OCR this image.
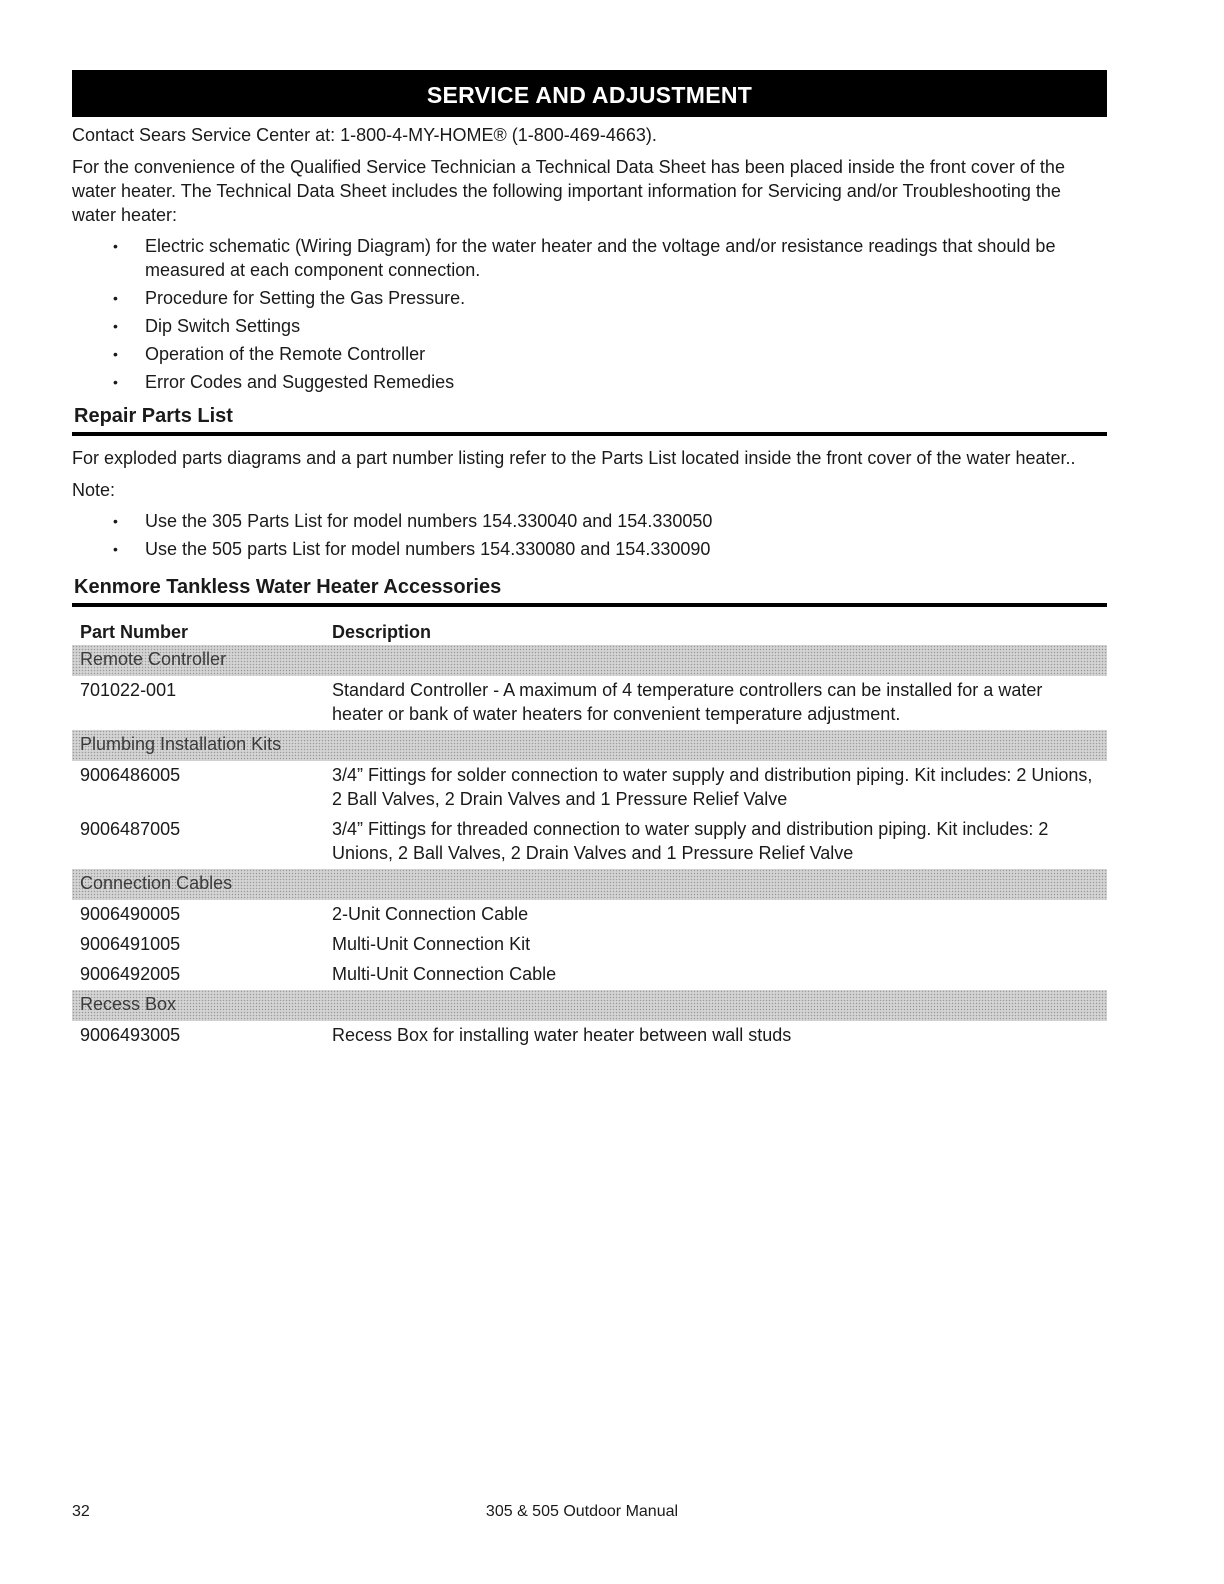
SERVICE AND ADJUSTMENT

Contact Sears Service Center at: 1-800-4-MY-HOME® (1-800-469-4663).

For the convenience of the Qualified Service Technician a Technical Data Sheet has been placed inside the front cover of the water heater. The Technical Data Sheet includes the following important information for Servicing and/or Troubleshooting the water heater:

• Electric schematic (Wiring Diagram) for the water heater and the voltage and/or resistance readings that should be measured at each component connection.
• Procedure for Setting the Gas Pressure.
• Dip Switch Settings
• Operation of the Remote Controller
• Error Codes and Suggested Remedies
Repair Parts List

For exploded parts diagrams and a part number listing refer to the Parts List located inside the front cover of the water heater..

Note:

• Use the 305 Parts List for model numbers 154.330040 and 154.330050
• Use the 505 parts List for model numbers 154.330080 and 154.330090
Kenmore Tankless Water Heater Accessories
Part Number	Description
Remote Controller	
701022-001	Standard Controller - A maximum of 4 temperature controllers can be installed for a water heater or bank of water heaters for convenient temperature adjustment.
Plumbing Installation Kits	
9006486005	3/4” Fittings for solder connection to water supply and distribution piping. Kit includes: 2 Unions, 2 Ball Valves, 2 Drain Valves and 1 Pressure Relief Valve
9006487005	3/4” Fittings for threaded connection to water supply and distribution piping. Kit includes: 2 Unions, 2 Ball Valves, 2 Drain Valves and 1 Pressure Relief Valve
Connection Cables	
9006490005	2-Unit Connection Cable
9006491005	Multi-Unit Connection Kit
9006492005	Multi-Unit Connection Cable
Recess Box	
9006493005	Recess Box for installing water heater between wall studs
32	305 & 505 Outdoor Manual
